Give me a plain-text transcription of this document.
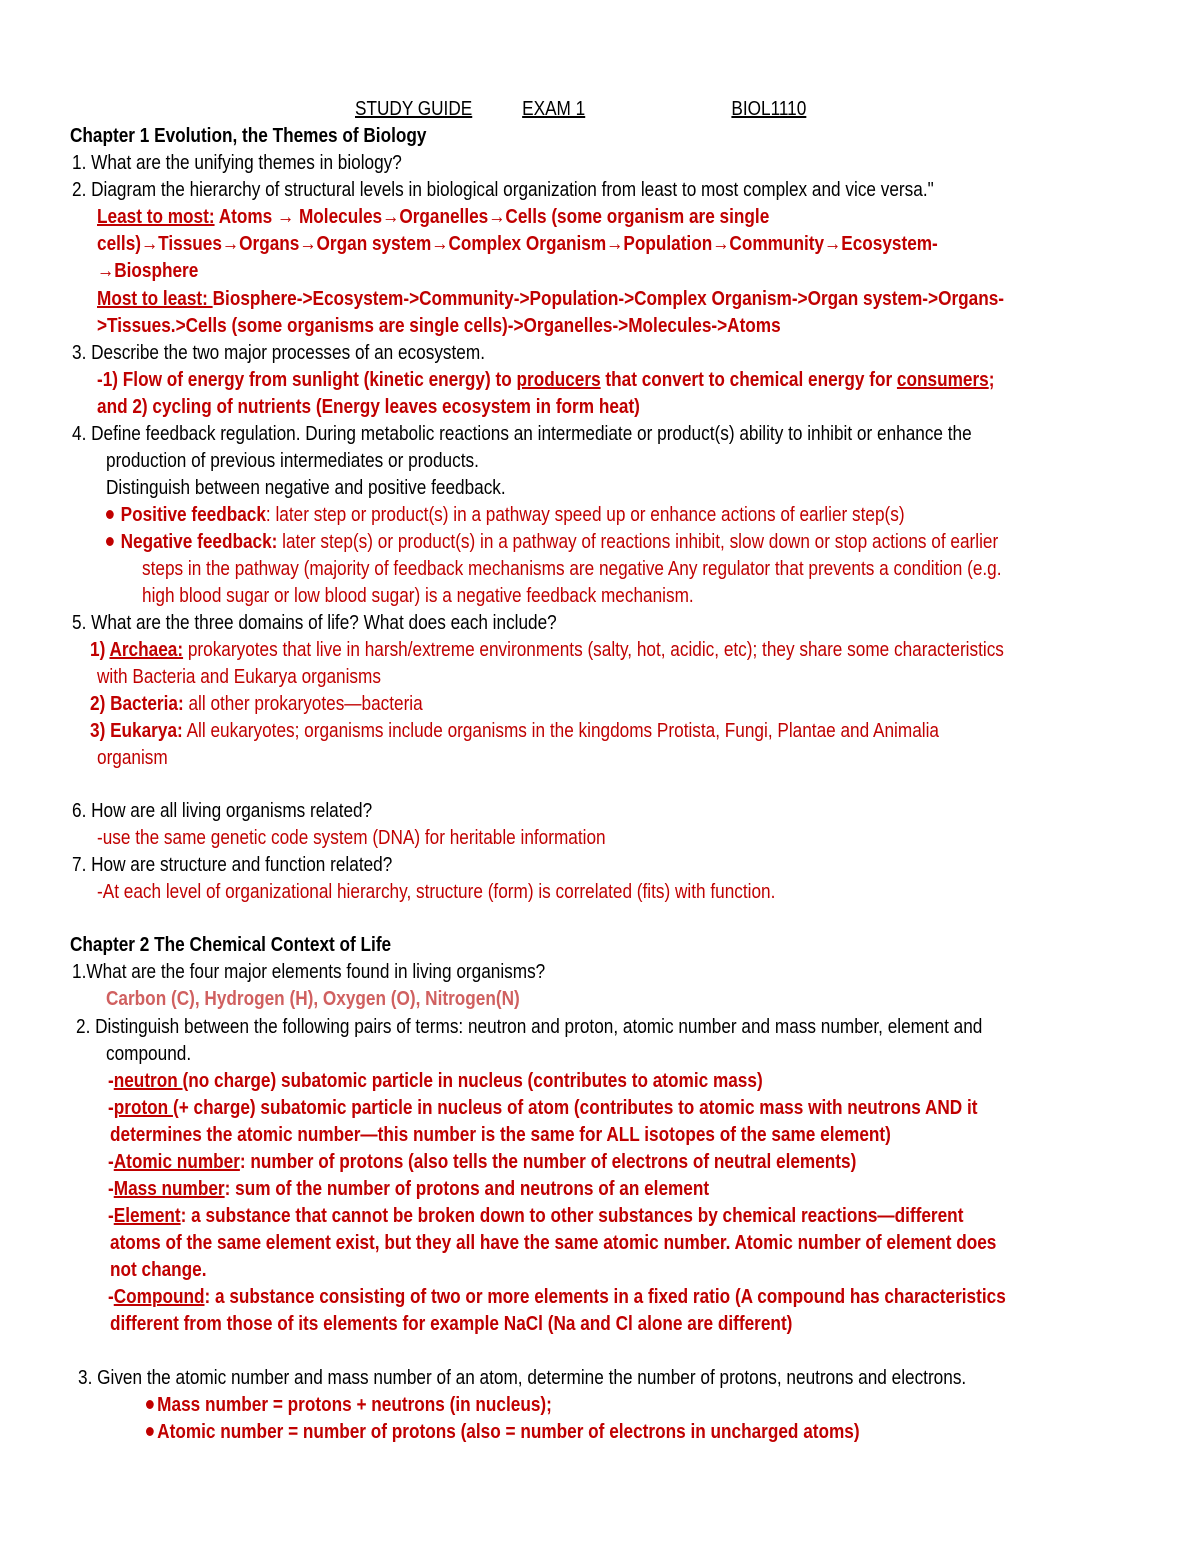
STUDY GUIDE EXAM 1	BIOL1110
Chapter 1 Evolution, the Themes of Biology
1. What are the unifying themes in biology?
2. Diagram the hierarchy of structural levels in biological organization from least to most complex and vice versa."
Least to most: Atoms → Molecules→Organelles→Cells (some organism are single
cells)→Tissues→Organs→Organ system→Complex Organism→Population→Community→Ecosystem-
→Biosphere
Most to least: Biosphere->Ecosystem->Community->Population->Complex Organism->Organ system->Organs-
>Tissues.>Cells (some organisms are single cells)->Organelles->Molecules->Atoms
3. Describe the two major processes of an ecosystem.
-1) Flow of energy from sunlight (kinetic energy) to producers that convert to chemical energy for consumers;
and 2) cycling of nutrients (Energy leaves ecosystem in form heat)
4. Define feedback regulation. During metabolic reactions an intermediate or product(s) ability to inhibit or enhance the
production of previous intermediates or products.
Distinguish between negative and positive feedback.
Positive feedback: later step or product(s) in a pathway speed up or enhance actions of earlier step(s)
Negative feedback: later step(s) or product(s) in a pathway of reactions inhibit, slow down or stop actions of earlier
steps in the pathway (majority of feedback mechanisms are negative Any regulator that prevents a condition (e.g.
high blood sugar or low blood sugar) is a negative feedback mechanism.
5. What are the three domains of life? What does each include?
1) Archaea: prokaryotes that live in harsh/extreme environments (salty, hot, acidic, etc); they share some characteristics
with Bacteria and Eukarya organisms
2) Bacteria: all other prokaryotes—bacteria
3) Eukarya: All eukaryotes; organisms include organisms in the kingdoms Protista, Fungi, Plantae and Animalia
organism
6. How are all living organisms related?
-use the same genetic code system (DNA) for heritable information
7. How are structure and function related?
-At each level of organizational hierarchy, structure (form) is correlated (fits) with function.
Chapter 2 The Chemical Context of Life
1.What are the four major elements found in living organisms?
Carbon (C), Hydrogen (H), Oxygen (O), Nitrogen(N)
2. Distinguish between the following pairs of terms: neutron and proton, atomic number and mass number, element and
compound.
-neutron (no charge) subatomic particle in nucleus (contributes to atomic mass)
-proton (+ charge) subatomic particle in nucleus of atom (contributes to atomic mass with neutrons AND it
determines the atomic number—this number is the same for ALL isotopes of the same element)
-Atomic number: number of protons (also tells the number of electrons of neutral elements)
-Mass number: sum of the number of protons and neutrons of an element
-Element: a substance that cannot be broken down to other substances by chemical reactions—different
atoms of the same element exist, but they all have the same atomic number. Atomic number of element does
not change.
-Compound: a substance consisting of two or more elements in a fixed ratio (A compound has characteristics
different from those of its elements for example NaCl (Na and Cl alone are different)
3. Given the atomic number and mass number of an atom, determine the number of protons, neutrons and electrons.
Mass number = protons + neutrons (in nucleus);
Atomic number = number of protons (also = number of electrons in uncharged atoms)
